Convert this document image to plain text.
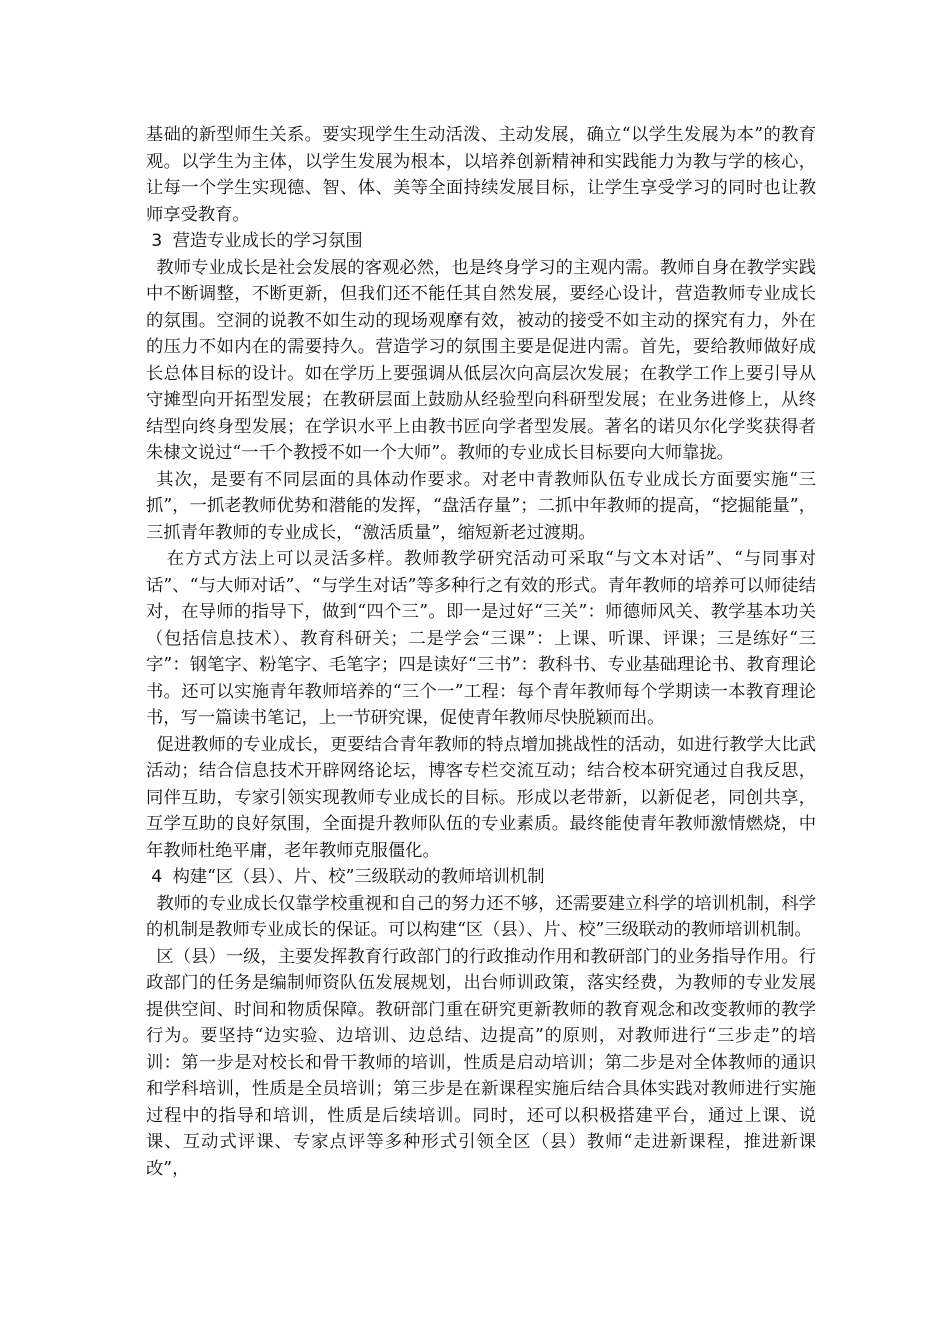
基础的新型师生关系。要实现学生生动活泼、主动发展，确立“以学生发展为本”的教育观。以学生为主体，以学生发展为根本，以培养创新精神和实践能力为教与学的核心，让每一个学生实现德、智、体、美等全面持续发展目标，让学生享受学习的同时也让教师享受教育。

3 营造专业成长的学习氛围

教师专业成长是社会发展的客观必然，也是终身学习的主观内需。教师自身在教学实践中不断调整，不断更新，但我们还不能任其自然发展，要经心设计，营造教师专业成长的氛围。空洞的说教不如生动的现场观摩有效，被动的接受不如主动的探究有力，外在的压力不如内在的需要持久。营造学习的氛围主要是促进内需。首先，要给教师做好成长总体目标的设计。如在学历上要强调从低层次向高层次发展；在教学工作上要引导从守摊型向开拓型发展；在教研层面上鼓励从经验型向科研型发展；在业务进修上，从终结型向终身型发展；在学识水平上由教书匠向学者型发展。著名的诺贝尔化学奖获得者朱棣文说过“一千个教授不如一个大师”。教师的专业成长目标要向大师靠拢。

其次，是要有不同层面的具体动作要求。对老中青教师队伍专业成长方面要实施“三抓”，一抓老教师优势和潜能的发挥，“盘活存量”；二抓中年教师的提高，“挖掘能量”，三抓青年教师的专业成长，“激活质量”，缩短新老过渡期。

在方式方法上可以灵活多样。教师教学研究活动可采取“与文本对话”、“与同事对话”、“与大师对话”、“与学生对话”等多种行之有效的形式。青年教师的培养可以师徒结对，在导师的指导下，做到“四个三”。即一是过好“三关”：师德师风关、教学基本功关（包括信息技术）、教育科研关；二是学会“三课”：上课、听课、评课；三是练好“三字”：钢笔字、粉笔字、毛笔字；四是读好“三书”：教科书、专业基础理论书、教育理论书。还可以实施青年教师培养的“三个一”工程：每个青年教师每个学期读一本教育理论书，写一篇读书笔记，上一节研究课，促使青年教师尽快脱颖而出。

促进教师的专业成长，更要结合青年教师的特点增加挑战性的活动，如进行教学大比武活动；结合信息技术开辟网络论坛，博客专栏交流互动；结合校本研究通过自我反思，同伴互助，专家引领实现教师专业成长的目标。形成以老带新，以新促老，同创共享，互学互助的良好氛围，全面提升教师队伍的专业素质。最终能使青年教师激情燃烧，中年教师杜绝平庸，老年教师克服僵化。

4 构建“区（县）、片、校”三级联动的教师培训机制

教师的专业成长仅靠学校重视和自己的努力还不够，还需要建立科学的培训机制，科学的机制是教师专业成长的保证。可以构建“区（县）、片、校”三级联动的教师培训机制。

区（县）一级，主要发挥教育行政部门的行政推动作用和教研部门的业务指导作用。行政部门的任务是编制师资队伍发展规划，出台师训政策，落实经费，为教师的专业发展提供空间、时间和物质保障。教研部门重在研究更新教师的教育观念和改变教师的教学行为。要坚持“边实验、边培训、边总结、边提高”的原则，对教师进行“三步走”的培训：第一步是对校长和骨干教师的培训，性质是启动培训；第二步是对全体教师的通识和学科培训，性质是全员培训；第三步是在新课程实施后结合具体实践对教师进行实施过程中的指导和培训，性质是后续培训。同时，还可以积极搭建平台，通过上课、说课、互动式评课、专家点评等多种形式引领全区（县）教师“走进新课程，推进新课改”，
